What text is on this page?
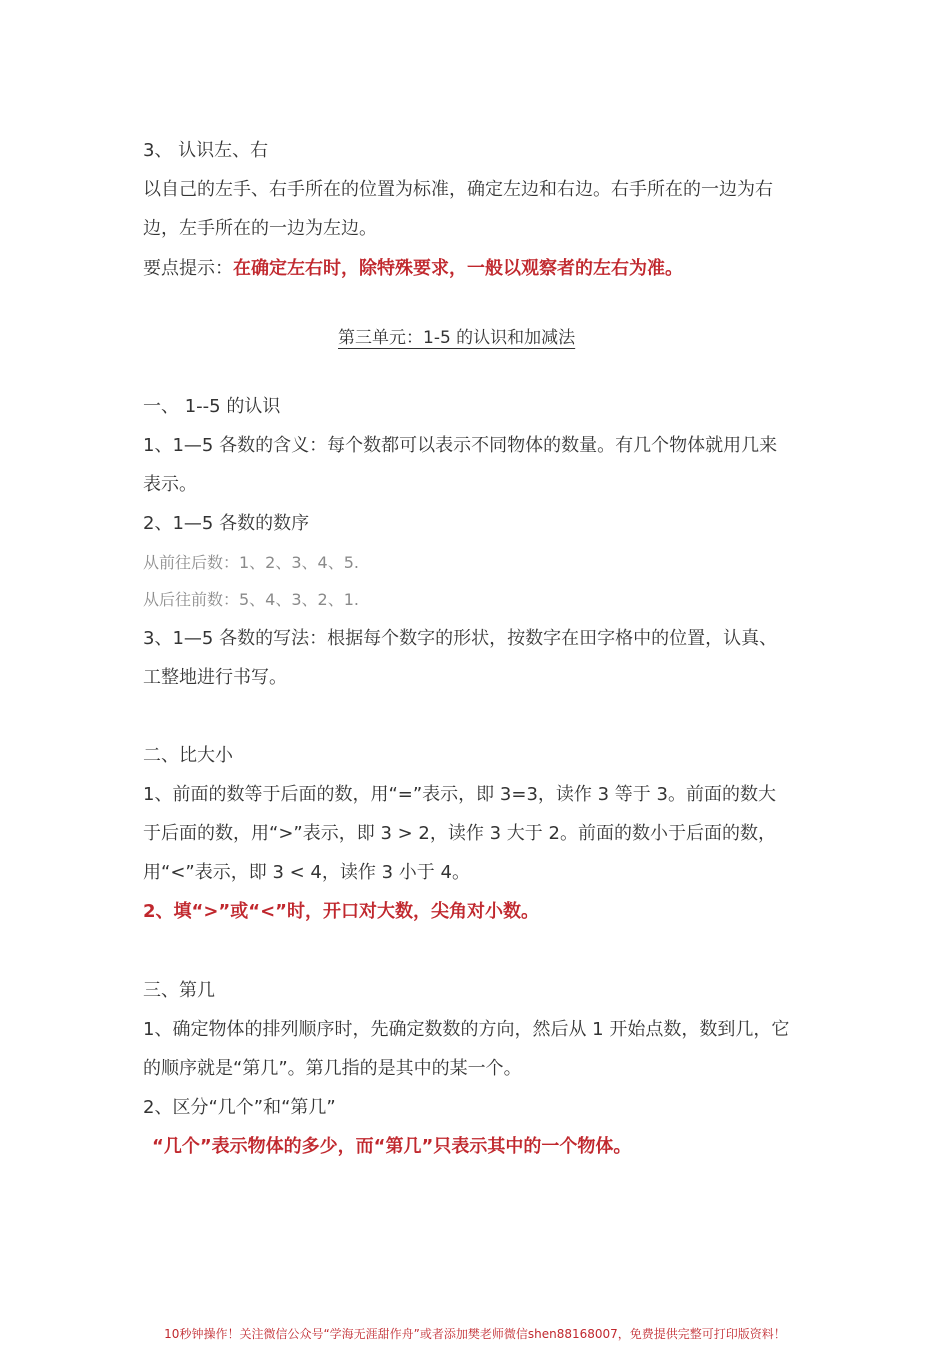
3、 认识左、右
以自己的左手、右手所在的位置为标准，确定左边和右边。右手所在的一边为右
边，左手所在的一边为左边。
要点提示：在确定左右时，除特殊要求，一般以观察者的左右为准。
第三单元：1-5 的认识和加减法
一、 1--5 的认识
1、1—5 各数的含义：每个数都可以表示不同物体的数量。有几个物体就用几来
表示。
2、1—5 各数的数序
从前往后数：1、2、3、4、5.
从后往前数：5、4、3、2、1.
3、1—5 各数的写法：根据每个数字的形状，按数字在田字格中的位置，认真、
工整地进行书写。
二、比大小
1、前面的数等于后面的数，用“=”表示，即 3=3，读作 3 等于 3。前面的数大
于后面的数，用“>”表示，即 3 > 2，读作 3 大于 2。前面的数小于后面的数，
用“<”表示，即 3 < 4，读作 3 小于 4。
2、填“>”或“<”时，开口对大数，尖角对小数。
三、第几
1、确定物体的排列顺序时，先确定数数的方向，然后从 1 开始点数，数到几，它
的顺序就是“第几”。第几指的是其中的某一个。
2、区分“几个”和“第几”
“几个”表示物体的多少，而“第几”只表示其中的一个物体。
10秒钟操作！关注微信公众号“学海无涯甜作舟”或者添加樊老师微信shen88168007，免费提供完整可打印版资料！
